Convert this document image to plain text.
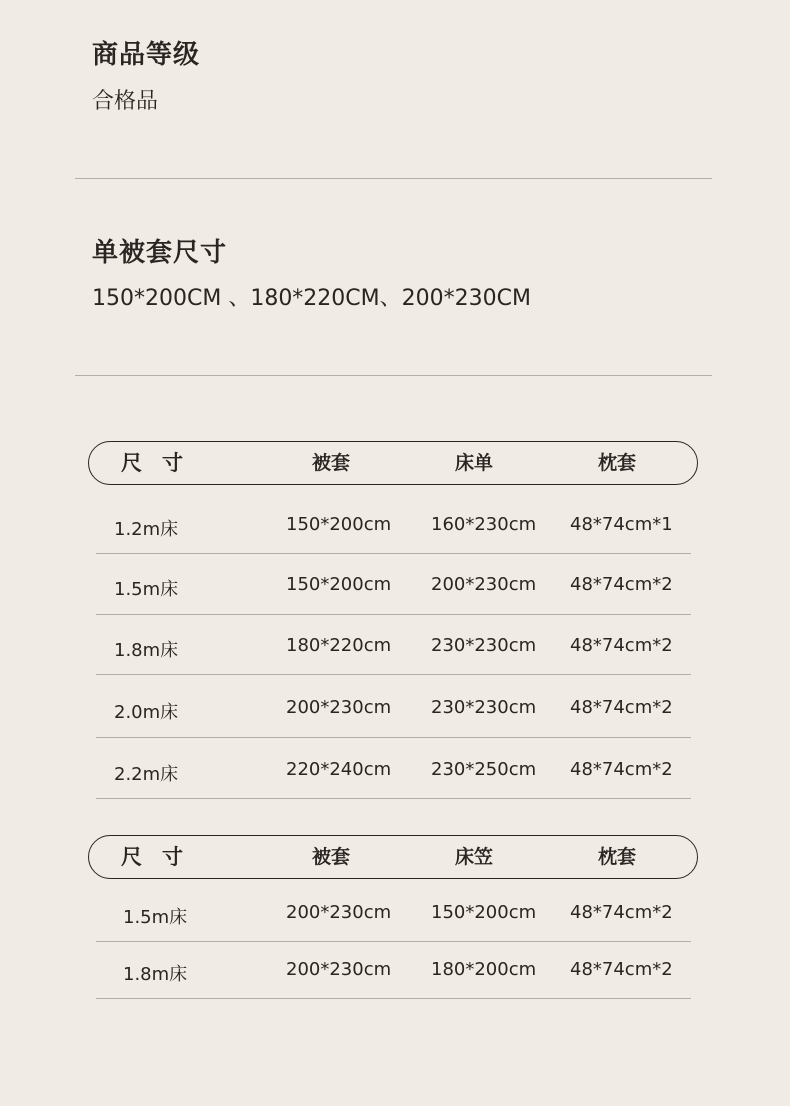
商品等级
合格品
单被套尺寸
150*200CM 、180*220CM、200*230CM
尺寸	被套	床单	枕套
1.2m床	150*200cm 160*230cm 48*74cm*1
1.5m床	150*200cm 200*230cm 48*74cm*2
1.8m床	180*220cm 230*230cm 48*74cm*2
2.0m床	200*230cm 230*230cm 48*74cm*2
2.2m床	220*240cm 230*250cm 48*74cm*2
尺寸	被套	床笠	枕套
1.5m床	200*230cm 150*200cm 48*74cm*2
1.8m床	200*230cm 180*200cm 48*74cm*2
